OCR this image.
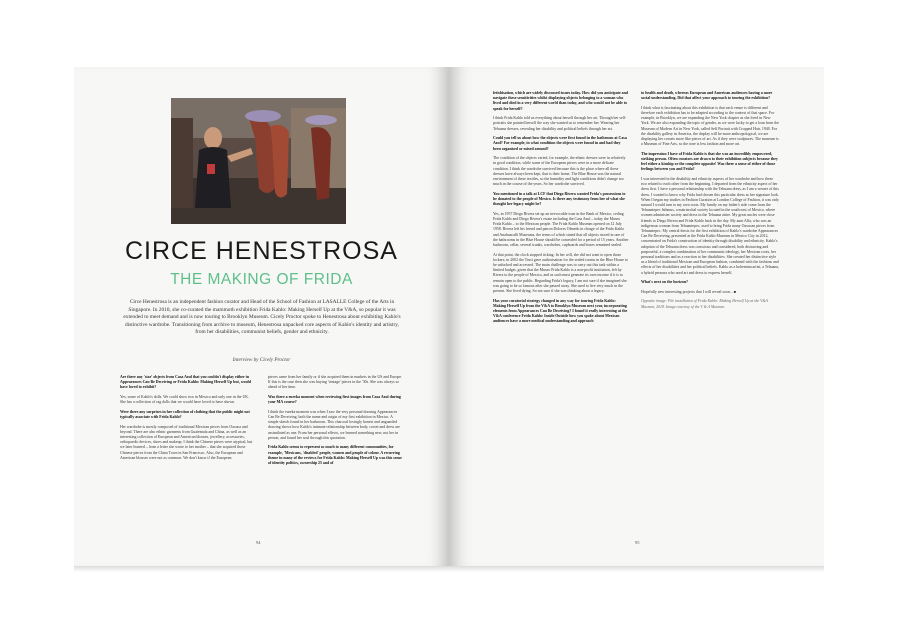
CIRCE HENESTROSA
THE MAKING OF FRIDA

Circe Henestrosa is an independent fashion curator and Head of the School of Fashion at LASALLE College of the Arts in Singapore. In 2018, she co-curated the mammoth exhibition Frida Kahlo: Making Herself Up at the V&A, so popular it was extended to meet demand and is now touring to Brooklyn Museum. Cicely Proctor spoke to Henestrosa about exhibiting Kahlo's distinctive wardrobe. Transitioning from archive to museum, Henestrosa unpacked core aspects of Kahlo's identity and artistry, from her disabilities, communist beliefs, gender and ethnicity.

Interview by Cicely Proctor

Are there any 'star' objects from Casa Azul that you couldn't display either in Appearances Can Be Deceiving or Frida Kahlo: Making Herself Up but, would have loved to exhibit?

Yes, some of Kahlo's dolls. We could show two in Mexico and only one in the UK. She has a collection of rag dolls that we would have loved to have shown.

Were there any surprises in her collection of clothing that the public might not typically associate with Frida Kahlo?

Her wardrobe is mostly composed of traditional Mexican pieces from Oaxaca and beyond. There are also ethnic garments from Guatemala and China, as well as an interesting collection of European and American blouses, jewellery, accessories, orthopaedic devices, shoes and makeup. I think the Chinese pieces were atypical, but we later learned – from a letter she wrote to her mother – that she acquired those Chinese pieces from the China Town in San Francisco. Also, the European and American blouses were not as common. We don't know if the European

pieces came from her family or if she acquired them in markets in the US and Europe. If this is the case then she was buying 'vintage' pieces in the '30s. She was always so ahead of her time.

Was there a eureka moment when reviewing first images from Casa Azul during your MA course?

I think the eureka moment was when I saw the very personal drawing Appearances Can Be Deceiving, both the name and origin of my first exhibition in Mexico. A simple sketch found in her bathroom. This charcoal lovingly honest and unguarded drawing shows how Kahlo's intimate relationship between body, corset and dress are assimilated as one. From her personal effects, we learned something new, not her in person, and found her soul through this quotation.

Frida Kahlo seems to represent so much to many different communities, for example, 'Mexicans, 'disabled' people, women and people of colour. A recurring theme in many of the reviews for Frida Kahlo: Making Herself Up was this sense of identity politics, ownership 25 and of

94

fetishisation, which are widely discussed issues today. How did you anticipate and navigate these sensitivities whilst displaying objects belonging to a woman who lived and died in a very different world than today, and who would not be able to speak for herself?

I think Frida Kahlo told us everything about herself through her art. Through her self-portraits she painted herself the way she wanted us to remember her. Wearing her Tehuana dresses, revealing her disability and political beliefs through her art.

Could you tell us about how the objects were first found in the bathroom at Casa Azul? For example, in what condition the objects were found in and had they been organised or mixed around?

The condition of the objects varied, for example, the ethnic dresses were in relatively in good condition, while some of the European pieces were in a more delicate condition. I think the wardrobe survived because this is the place where all these dresses have always been kept, that is their home. The Blue House was the natural environment of these textiles, so the humidity and light conditions didn't change too much in the course of the years. So her wardrobe survived.

You mentioned in a talk at LCF that Diego Rivera wanted Frida's possessions to be donated to the people of Mexico. Is there any testimony from her of what she thought her legacy might be?

Yes, in 1957 Diego Rivera set up an irrevocable trust in the Bank of Mexico, ceding Frida Kahlo and Diego Rivera's estate including the Casa Azul – today the Museo Frida Kahlo – to the Mexican people. The Frida Kahlo Museum opened on 12 July 1958. Rivera left his friend and patron Dolores Olmedo in charge of the Frida Kahlo and Anahuacalli Museums, the terms of which stated that all objects stored in one of the bathrooms in the Blue House should be concealed for a period of 15 years. Another bathroom, cellar, several trunks, wardrobes, cupboards and boxes remained sealed.

At that point, the clock stopped ticking. In her will, she did not want to open those lockers; in 2002 the Trust gave authorisation for the sealed rooms in the Blue House to be unlocked and accessed. The main challenge was to carry out this task within a limited budget, given that the Museo Frida Kahlo is a non-profit institution, left by Rivera to the people of Mexico, and as such must generate its own income if it is to remain open to the public. Regarding Frida's legacy, I am not sure if she imagined she was going to be so famous after she passed away. She used to live very much in the present. She lived dying. So not sure if she was thinking about a legacy.

Has your curatorial strategy changed in any way for touring Frida Kahlo: Making Herself Up from the V&A to Brooklyn Museum next year, incorporating elements from Appearances Can Be Deceiving? I found it really interesting at the V&A conference Frida Kahlo: Inside Outside how you spoke about Mexican audiences have a more medical understanding and approach

to health and death, whereas European and American audiences having a more social understanding. Did that affect your approach to touring the exhibition?

I think what is fascinating about this exhibition is that each venue is different and therefore each exhibition has to be adapted according to the context of that space. For example, in Brooklyn, we are expanding the New York chapter as she lived in New York. We are also expanding the topic of gender, as we were lucky to get a loan from the Museum of Modern Art in New York, called Self Portrait with Cropped Hair, 1940. For the disability gallery in America, the display will be more anthropological, we are displaying her corsets more like pieces of art. As if they were sculptures. The museum is a Museum of Fine Arts, so the tone is less fashion and more art.

The impression I have of Frida Kahlo is that she was an incredibly empowered, striking person. Often curators are drawn to their exhibition subjects because they feel either a kinship or the complete opposite! Was there a sense of either of those feelings between you and Frida?

I was interested in the disability and ethnicity aspects of her wardrobe and how these two related to each other from the beginning. I departed from the ethnicity aspect of her dress first. I have a personal relationship with the Tehuana dress, as I am a wearer of this dress. I wanted to know why Frida had chosen this particular dress as her signature look. When I began my studies in Fashion Curation at London College of Fashion, it was only natural I would turn to my own roots. My family on my father's side come from the Tehuantepec Isthmus, a matriarchal society located in the south east of Mexico, where women administer society and dress in the Tehuana attire. My great uncles were close friends to Diego Rivera and Frida Kahlo back in the day. My aunt Alfa, who was an indigenous woman from Tehuantepec, used to bring Frida many Oaxacan pieces from Tehuantepec. My central thesis for the first exhibition of Kahlo's wardrobe Appearances Can Be Deceiving, presented at the Frida Kahlo Museum in Mexico City in 2012, concentrated on Frida's construction of identity through disability and ethnicity. Kahlo's adoption of the Tehuana dress was conscious and considered, both distracting and purposeful, a complex combination of her communist ideology, her Mexican roots, her personal traditions and as a reaction to her disabilities. She created her distinctive style as a blend of traditional Mexican and European fashion, combined with the fashions and effects of her disabilities and her political beliefs. Kahlo as a bohemian artist, a Tehuana, a hybrid persona who used art and dress to express herself.

What's next on the horizon?

Hopefully new interesting projects that I will reveal soon... ■

Opposite image: File installation of Frida Kahlo: Making Herself Up at the V&A Museum, 2018. Image courtesy of the V & A Museum.

95
